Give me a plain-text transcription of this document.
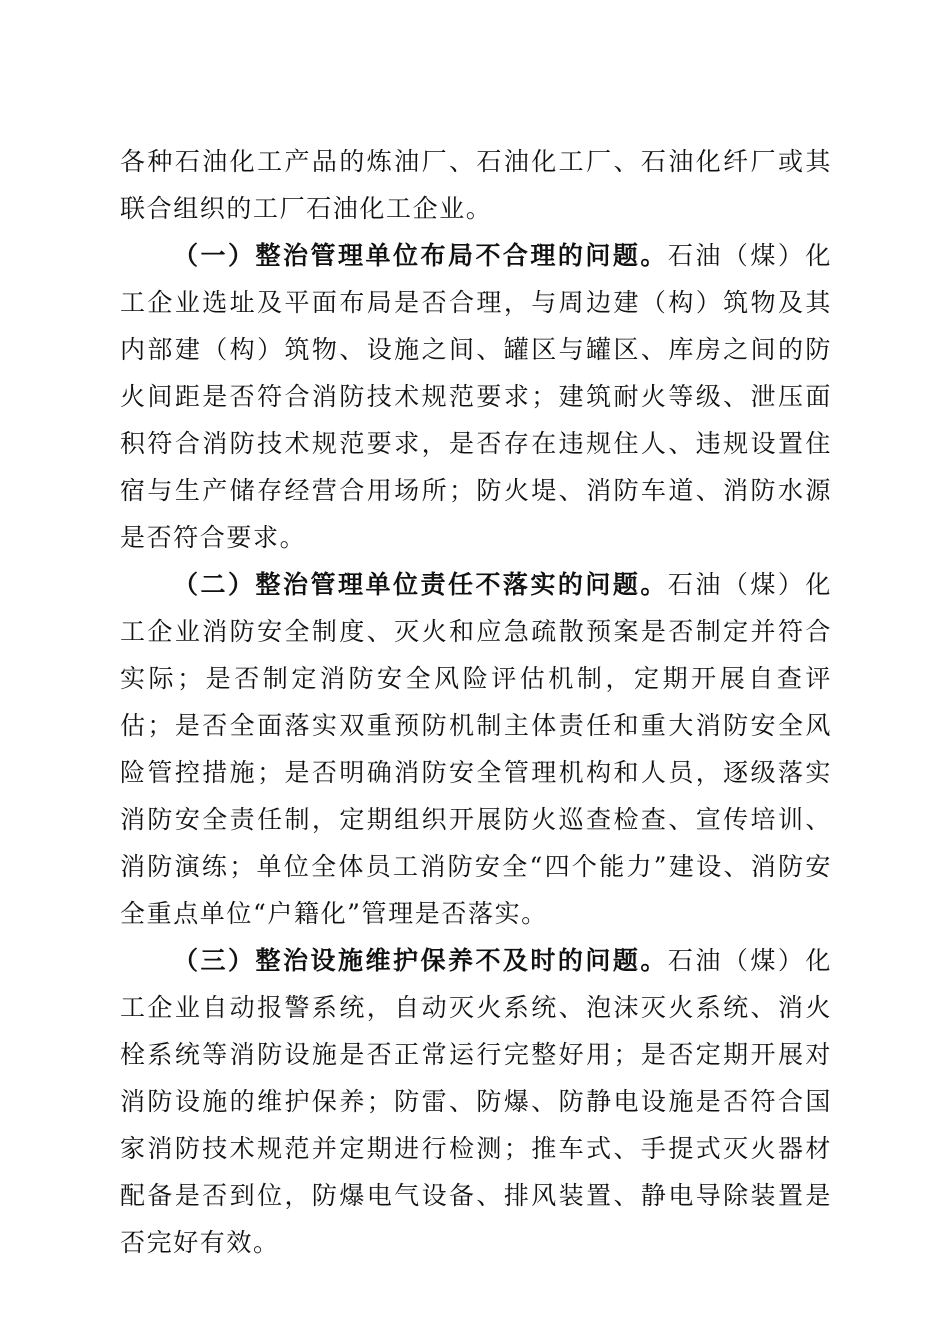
各种石油化工产品的炼油厂、石油化工厂、石油化纤厂或其联合组织的工厂石油化工企业。

（一）整治管理单位布局不合理的问题。石油（煤）化工企业选址及平面布局是否合理，与周边建（构）筑物及其内部建（构）筑物、设施之间、罐区与罐区、库房之间的防火间距是否符合消防技术规范要求；建筑耐火等级、泄压面积符合消防技术规范要求，是否存在违规住人、违规设置住宿与生产储存经营合用场所；防火堤、消防车道、消防水源是否符合要求。

（二）整治管理单位责任不落实的问题。石油（煤）化工企业消防安全制度、灭火和应急疏散预案是否制定并符合实际；是否制定消防安全风险评估机制，定期开展自查评估；是否全面落实双重预防机制主体责任和重大消防安全风险管控措施；是否明确消防安全管理机构和人员，逐级落实消防安全责任制，定期组织开展防火巡查检查、宣传培训、消防演练；单位全体员工消防安全“四个能力”建设、消防安全重点单位“户籍化”管理是否落实。

（三）整治设施维护保养不及时的问题。石油（煤）化工企业自动报警系统，自动灭火系统、泡沫灭火系统、消火栓系统等消防设施是否正常运行完整好用；是否定期开展对消防设施的维护保养；防雷、防爆、防静电设施是否符合国家消防技术规范并定期进行检测；推车式、手提式灭火器材配备是否到位，防爆电气设备、排风装置、静电导除装置是否完好有效。
